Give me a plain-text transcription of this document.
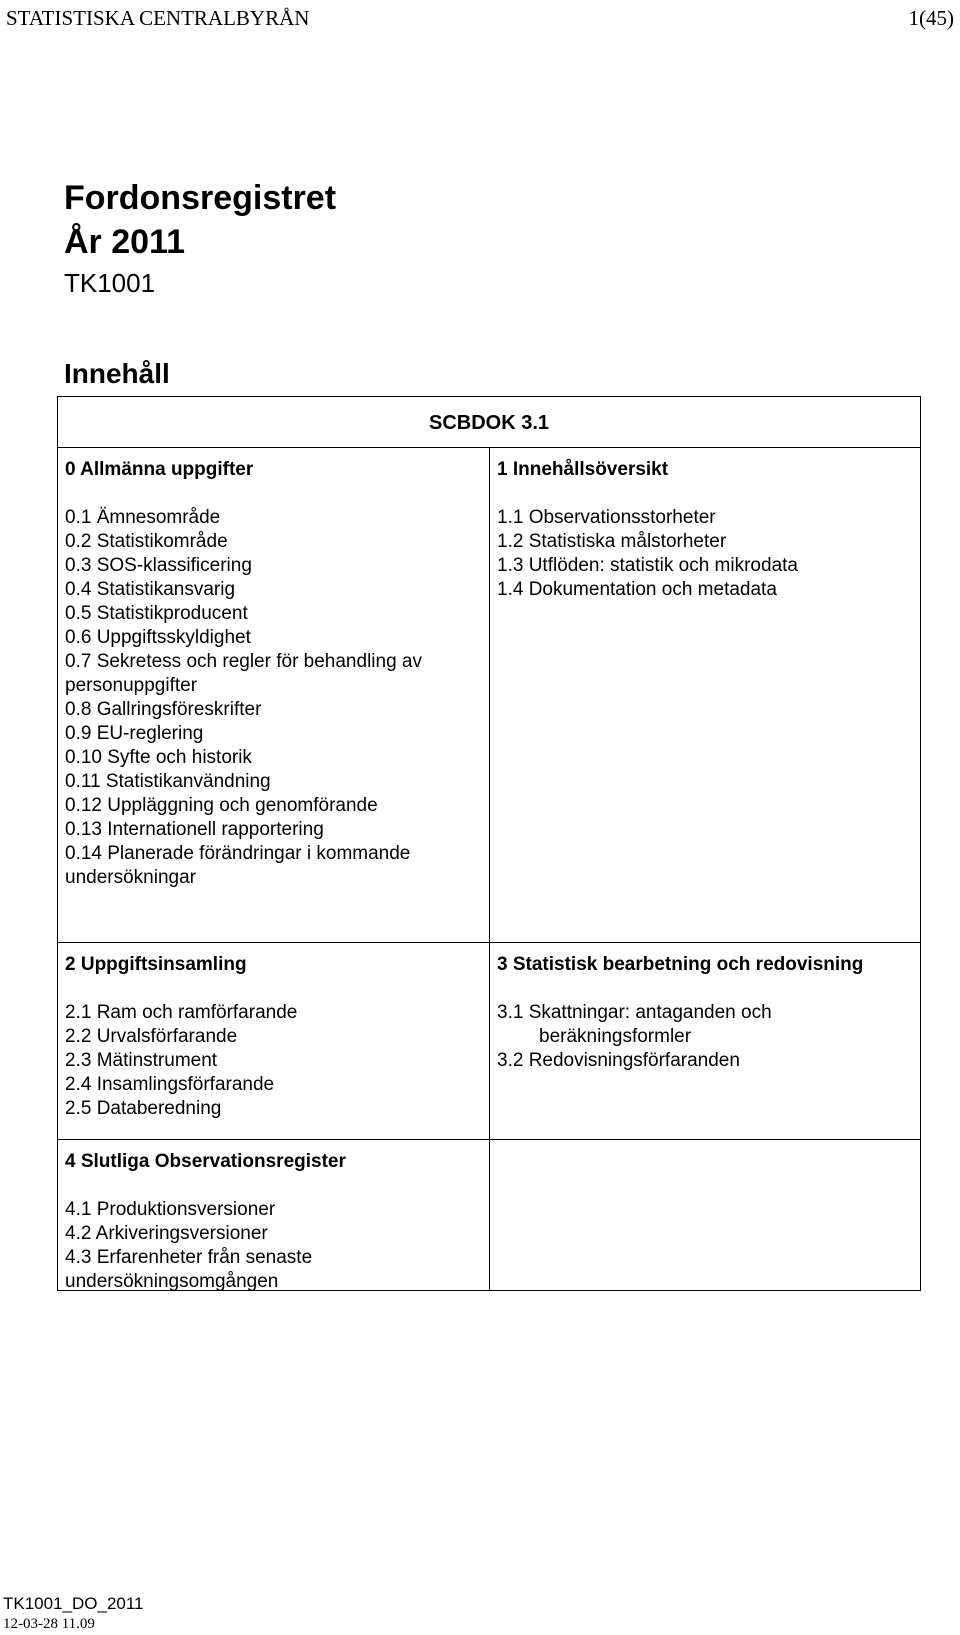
STATISTISKA CENTRALBYRÅN	1(45)
Fordonsregistret
År 2011
TK1001
Innehåll
SCBDOK 3.1
0 Allmänna uppgifter
0.1 Ämnesområde
0.2 Statistikområde
0.3 SOS-klassificering
0.4 Statistikansvarig
0.5 Statistikproducent
0.6 Uppgiftsskyldighet
0.7 Sekretess och regler för behandling av personuppgifter
0.8 Gallringsföreskrifter
0.9 EU-reglering
0.10 Syfte och historik
0.11 Statistikanvändning
0.12 Uppläggning och genomförande
0.13 Internationell rapportering
0.14 Planerade förändringar i kommande undersökningar
1 Innehållsöversikt
1.1 Observationsstorheter
1.2 Statistiska målstorheter
1.3 Utflöden: statistik och mikrodata
1.4 Dokumentation och metadata
2 Uppgiftsinsamling
2.1 Ram och ramförfarande
2.2 Urvalsförfarande
2.3 Mätinstrument
2.4 Insamlingsförfarande
2.5 Databeredning
3 Statistisk bearbetning och redovisning
3.1 Skattningar: antaganden och beräkningsformler
3.2 Redovisningsförfaranden
4 Slutliga Observationsregister
4.1 Produktionsversioner
4.2 Arkiveringsversioner
4.3 Erfarenheter från senaste undersökningsomgången
TK1001_DO_2011
12-03-28 11.09
